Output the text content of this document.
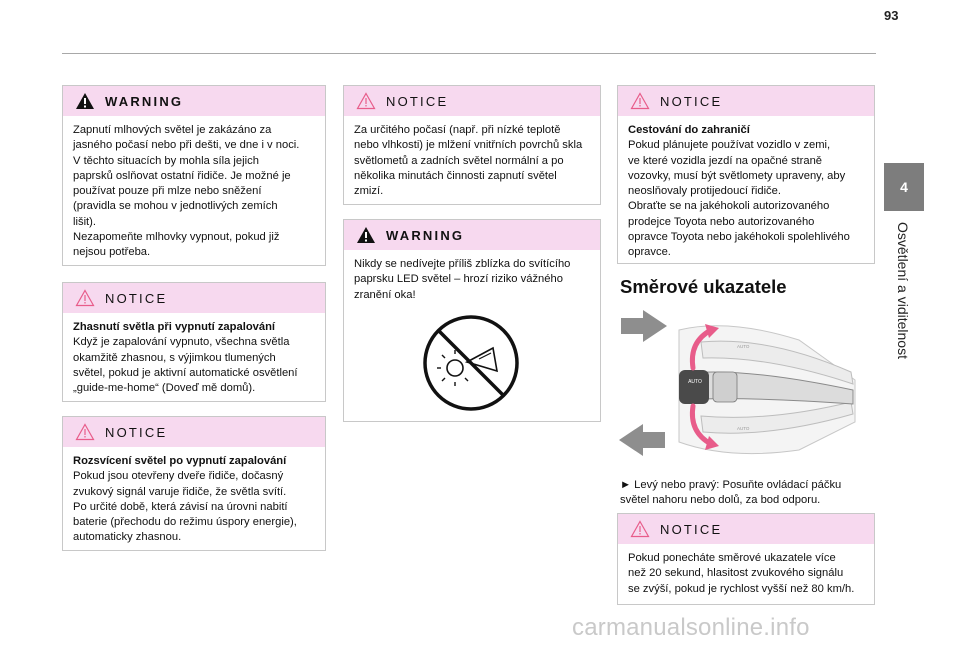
93
4
Osvětlení a viditelnost
WARNING
Zapnutí mlhových světel je zakázáno za
jasného počasí nebo při dešti, ve dne i v noci.
V těchto situacích by mohla síla jejich
paprsků oslňovat ostatní řidiče. Je možné je
používat pouze při mlze nebo sněžení
(pravidla se mohou v jednotlivých zemích
lišit).
Nezapomeňte mlhovky vypnout, pokud již
nejsou potřeba.
NOTICE
Zhasnutí světla při vypnutí zapalování
Když je zapalování vypnuto, všechna světla
okamžitě zhasnou, s výjimkou tlumených
světel, pokud je aktivní automatické osvětlení
„guide-me-home“ (Doveď mě domů).
NOTICE
Rozsvícení světel po vypnutí zapalování
Pokud jsou otevřeny dveře řidiče, dočasný
zvukový signál varuje řidiče, že světla svítí.
Po určité době, která závisí na úrovni nabití
baterie (přechodu do režimu úspory energie),
automaticky zhasnou.
NOTICE
Za určitého počasí (např. při nízké teplotě
nebo vlhkosti) je mlžení vnitřních povrchů skla
světlometů a zadních světel normální a po
několika minutách činnosti zapnutí světel
zmizí.
WARNING
Nikdy se nedívejte příliš zblízka do svítícího
paprsku LED světel – hrozí riziko vážného
zranění oka!
NOTICE
Cestování do zahraničí
Pokud plánujete používat vozidlo v zemi,
ve které vozidla jezdí na opačné straně
vozovky, musí být světlomety upraveny, aby
neoslňovaly protijedoucí řidiče.
Obraťte se na jakéhokoli autorizovaného
prodejce Toyota nebo autorizovaného
opravce Toyota nebo jakéhokoli spolehlivého
opravce.
Směrové ukazatele
AUTO
AUTO
AUTO
► Levý nebo pravý: Posuňte ovládací páčku
světel nahoru nebo dolů, za bod odporu.
NOTICE
Pokud ponecháte směrové ukazatele více
než 20 sekund, hlasitost zvukového signálu
se zvýší, pokud je rychlost vyšší než 80 km/h.
carmanualsonline.info
